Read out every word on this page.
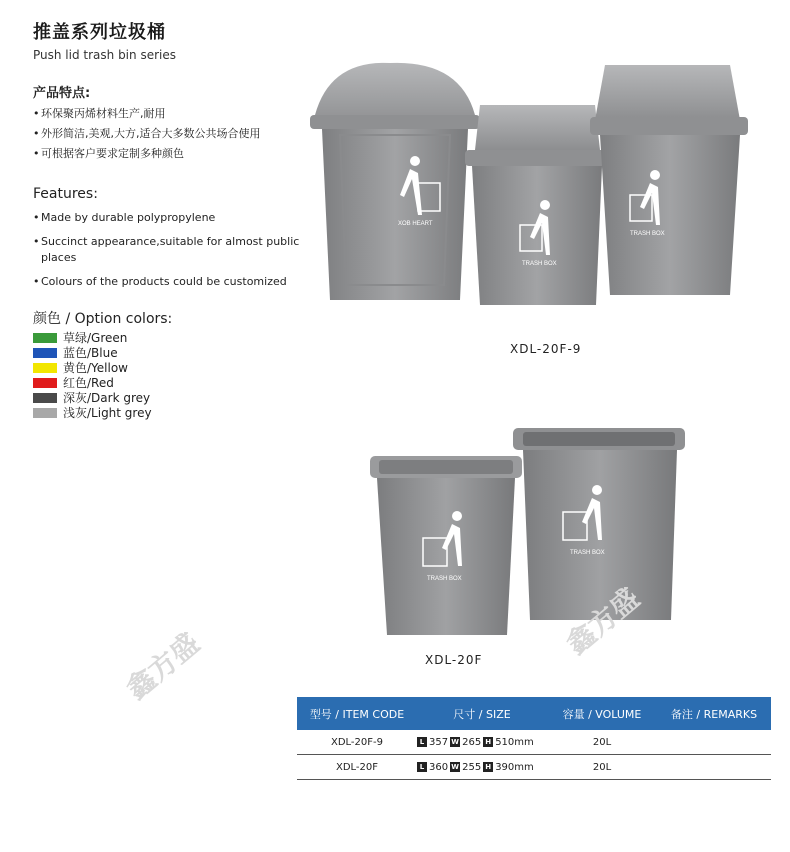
推盖系列垃圾桶
Push lid trash bin series
产品特点:
• 环保聚丙烯材料生产,耐用
• 外形简洁,美观,大方,适合大多数公共场合使用
• 可根据客户要求定制多种颜色
Features:
• Made by durable polypropylene
• Succinct appearance,suitable for almost public places
• Colours of the products could be customized
颜色 / Option colors:
草绿/Green
蓝色/Blue
黄色/Yellow
红色/Red
深灰/Dark grey
浅灰/Light grey
XOB HEART
TRASH BOX
TRASH BOX
XDL-20F-9
TRASH BOX
TRASH BOX
XDL-20F
鑫方盛
鑫方盛
型号 / ITEM CODE	尺寸 / SIZE	容量 / VOLUME	备注 / REMARKS
XDL-20F-9	L 357 W 265 H 510mm	20L
XDL-20F	L 360 W 255 H 390mm	20L
